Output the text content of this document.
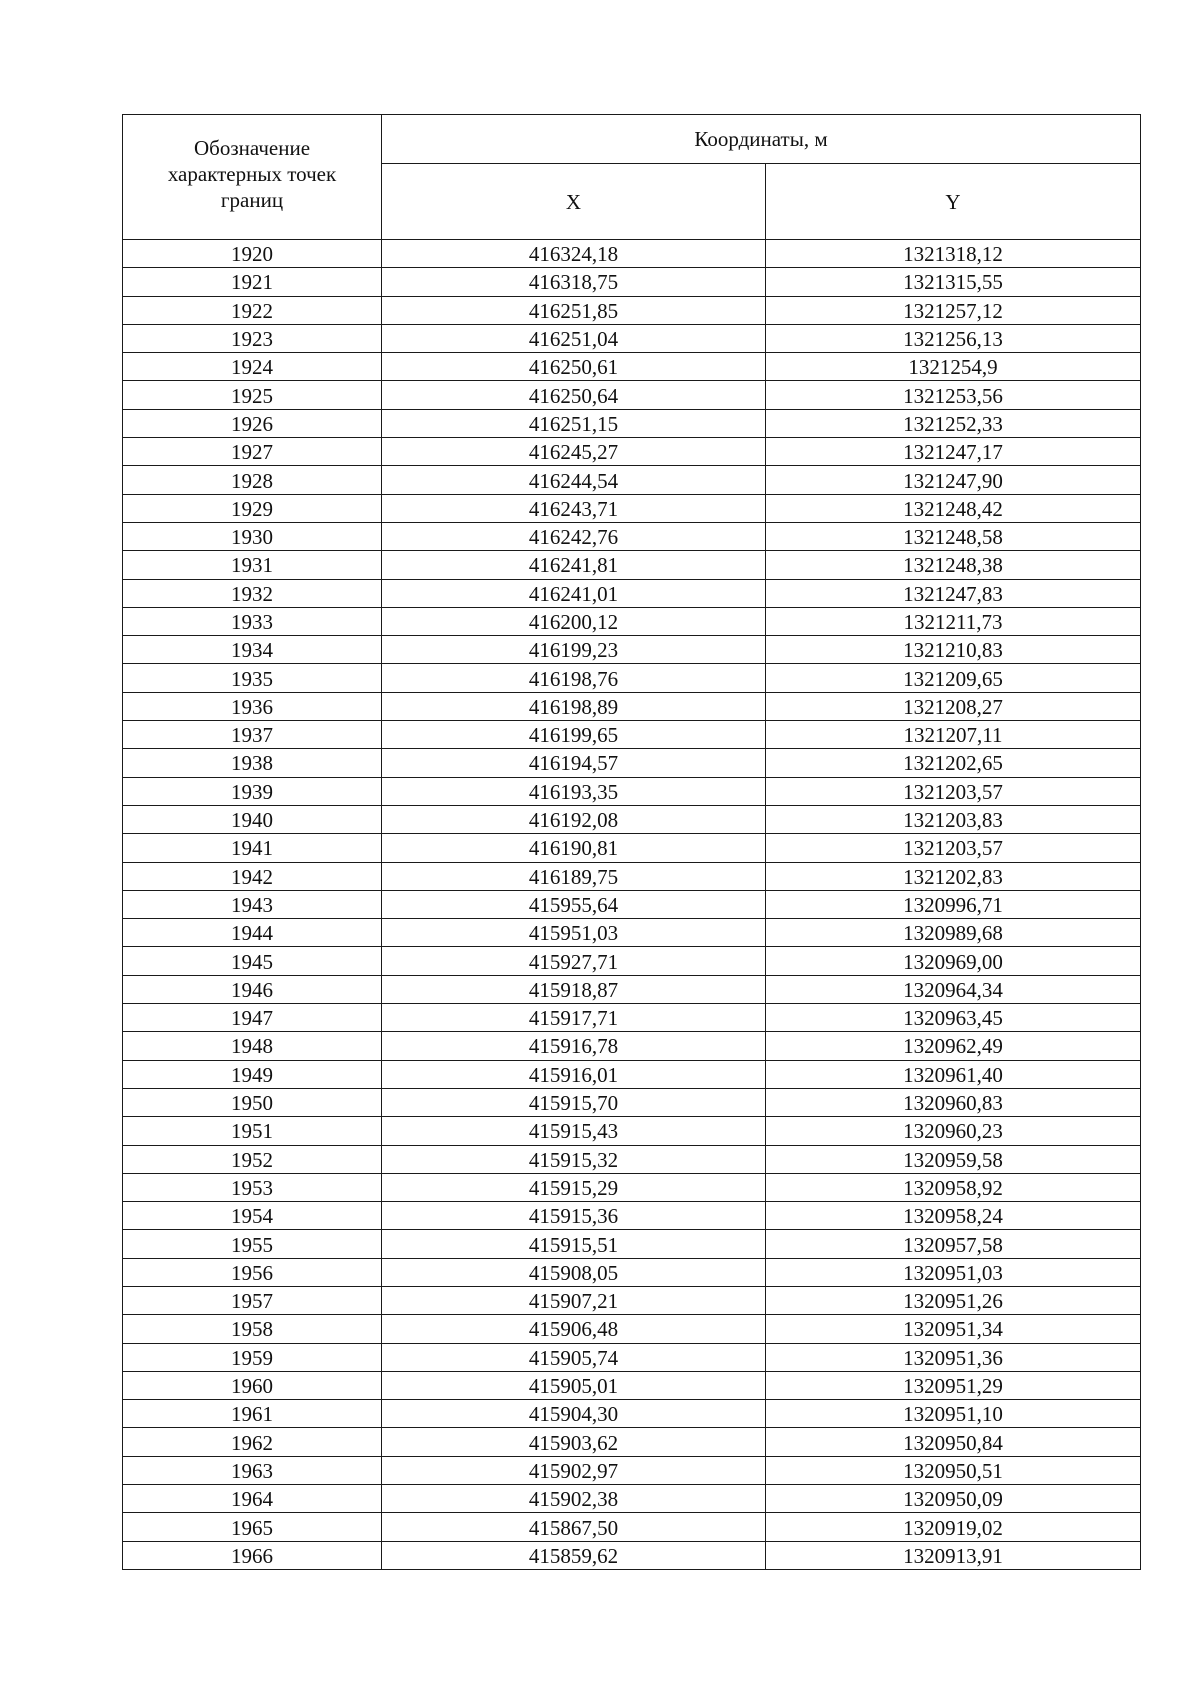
Обозначение характерных точек границ	Координаты, м	
	X	Y
1920	416324,18	1321318,12
1921	416318,75	1321315,55
1922	416251,85	1321257,12
1923	416251,04	1321256,13
1924	416250,61	1321254,9
1925	416250,64	1321253,56
1926	416251,15	1321252,33
1927	416245,27	1321247,17
1928	416244,54	1321247,90
1929	416243,71	1321248,42
1930	416242,76	1321248,58
1931	416241,81	1321248,38
1932	416241,01	1321247,83
1933	416200,12	1321211,73
1934	416199,23	1321210,83
1935	416198,76	1321209,65
1936	416198,89	1321208,27
1937	416199,65	1321207,11
1938	416194,57	1321202,65
1939	416193,35	1321203,57
1940	416192,08	1321203,83
1941	416190,81	1321203,57
1942	416189,75	1321202,83
1943	415955,64	1320996,71
1944	415951,03	1320989,68
1945	415927,71	1320969,00
1946	415918,87	1320964,34
1947	415917,71	1320963,45
1948	415916,78	1320962,49
1949	415916,01	1320961,40
1950	415915,70	1320960,83
1951	415915,43	1320960,23
1952	415915,32	1320959,58
1953	415915,29	1320958,92
1954	415915,36	1320958,24
1955	415915,51	1320957,58
1956	415908,05	1320951,03
1957	415907,21	1320951,26
1958	415906,48	1320951,34
1959	415905,74	1320951,36
1960	415905,01	1320951,29
1961	415904,30	1320951,10
1962	415903,62	1320950,84
1963	415902,97	1320950,51
1964	415902,38	1320950,09
1965	415867,50	1320919,02
1966	415859,62	1320913,91
